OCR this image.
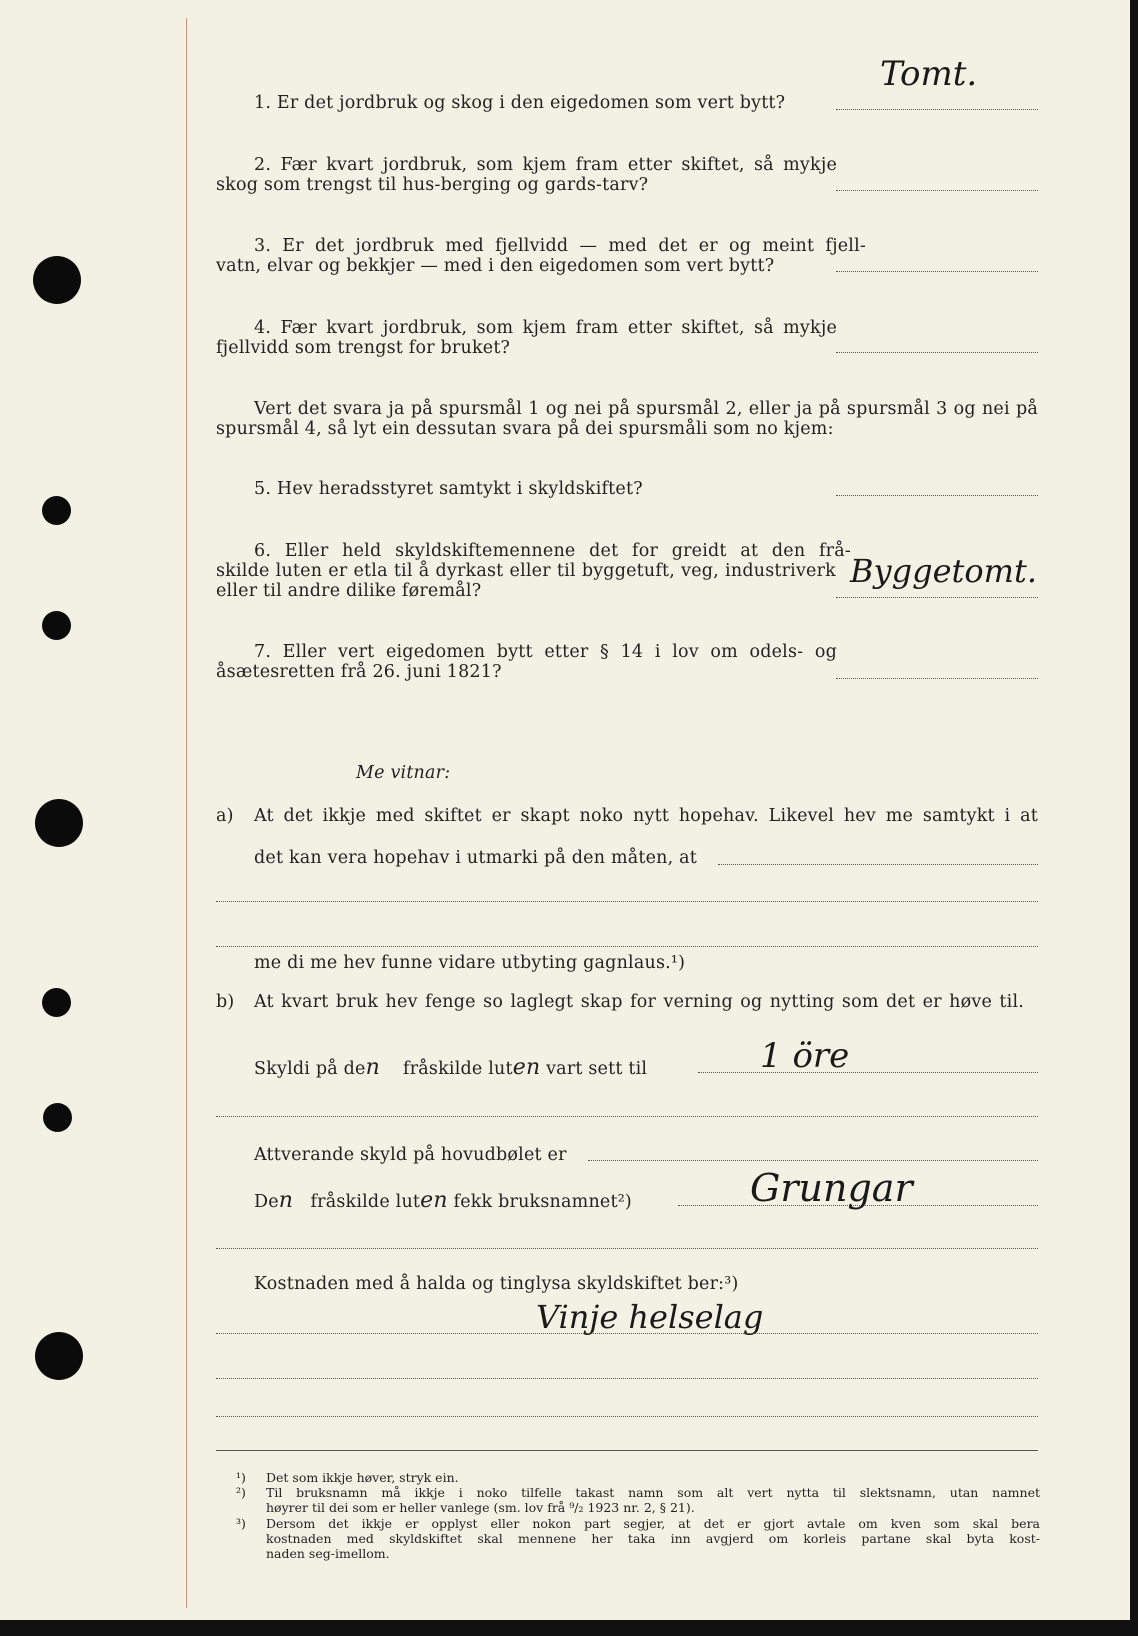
1. Er det jordbruk og skog i den eigedomen som vert bytt?
Tomt.
2. Fær kvart jordbruk, som kjem fram etter skiftet, så mykje
skog som trengst til hus-berging og gards-tarv?
3. Er det jordbruk med fjellvidd — med det er og meint fjell-
vatn, elvar og bekkjer — med i den eigedomen som vert bytt?
4. Fær kvart jordbruk, som kjem fram etter skiftet, så mykje
fjellvidd som trengst for bruket?
Vert det svara ja på spursmål 1 og nei på spursmål 2, eller ja på spursmål 3 og nei på
spursmål 4, så lyt ein dessutan svara på dei spursmåli som no kjem:
5. Hev heradsstyret samtykt i skyldskiftet?
6. Eller held skyldskiftemennene det for greidt at den frå-
skilde luten er etla til å dyrkast eller til byggetuft, veg, industriverk
eller til andre dilike føremål?
Byggetomt.
7. Eller vert eigedomen bytt etter § 14 i lov om odels- og
åsætesretten frå 26. juni 1821?
Me vitnar:
a) At det ikkje med skiftet er skapt noko nytt hopehav. Likevel hev me samtykt i at
det kan vera hopehav i utmarki på den måten, at
me di me hev funne vidare utbyting gagnlaus.¹)
b) At kvart bruk hev fenge so laglegt skap for verning og nytting som det er høve til.
Skyldi på den fråskilde luten vart sett til	1 öre
Attverande skyld på hovudbølet er
Den fråskilde luten fekk bruksnamnet²)	Grungar
Kostnaden med å halda og tinglysa skyldskiftet ber:³)
Vinje helselag
¹) Det som ikkje høver, stryk ein.
²) Til bruksnamn må ikkje i noko tilfelle takast namn som alt vert nytta til slektsnamn, utan namnet
høyrer til dei som er heller vanlege (sm. lov frå ⁹/₂ 1923 nr. 2, § 21).
³) Dersom det ikkje er opplyst eller nokon part segjer, at det er gjort avtale om kven som skal bera
kostnaden med skyldskiftet skal mennene her taka inn avgjerd om korleis partane skal byta kost-
naden seg-imellom.
